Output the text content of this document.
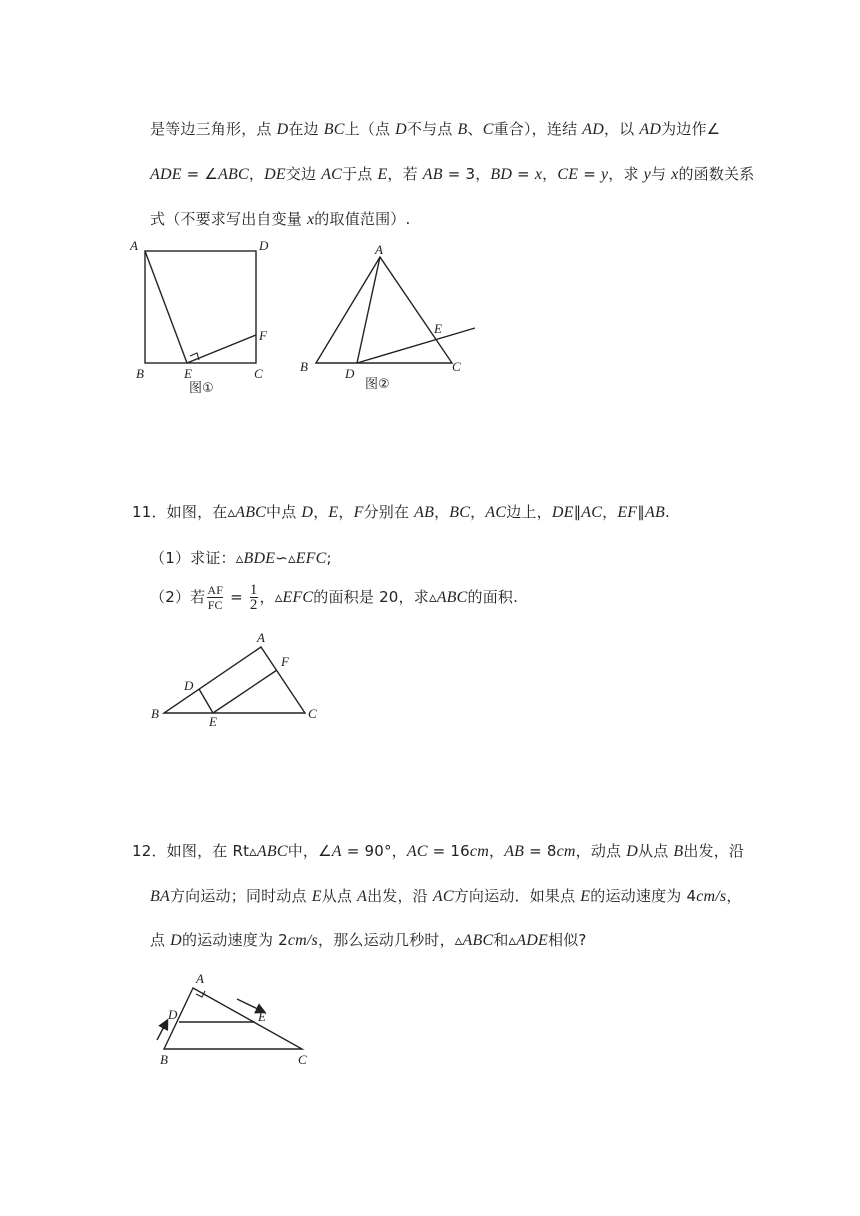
是等边三角形，点 D在边 BC上（点 D不与点 B、C重合），连结 AD，以 AD为边作∠
ADE = ∠ABC，DE交边 AC于点 E，若 AB = 3，BD = x，CE = y，求 y与 x的函数关系
式（不要求写出自变量 x的取值范围）.
A	D
B	E	C
F
图①
A
E
B	D	C
图②
11．如图，在▵ABC中点 D，E，F分别在 AB，BC，AC边上，DE∥AC，EF∥AB.
（1）求证：▵BDE∽▵EFC;
（2）若 $\frac{AF}{FC} = \frac{1}{2}$ ，▵EFC的面积是 20，求▵ABC的面积.
A
F
D
B
E
C
12．如图，在 Rt▵ABC中，∠A = 90°，AC = 16cm，AB = 8cm，动点 D从点 B出发，沿
BA方向运动；同时动点 E从点 A出发，沿 AC方向运动．如果点 E的运动速度为 4cm/s，
点 D的运动速度为 2cm/s，那么运动几秒时，▵ABC和▵ADE相似?
A
D	E
B	C
